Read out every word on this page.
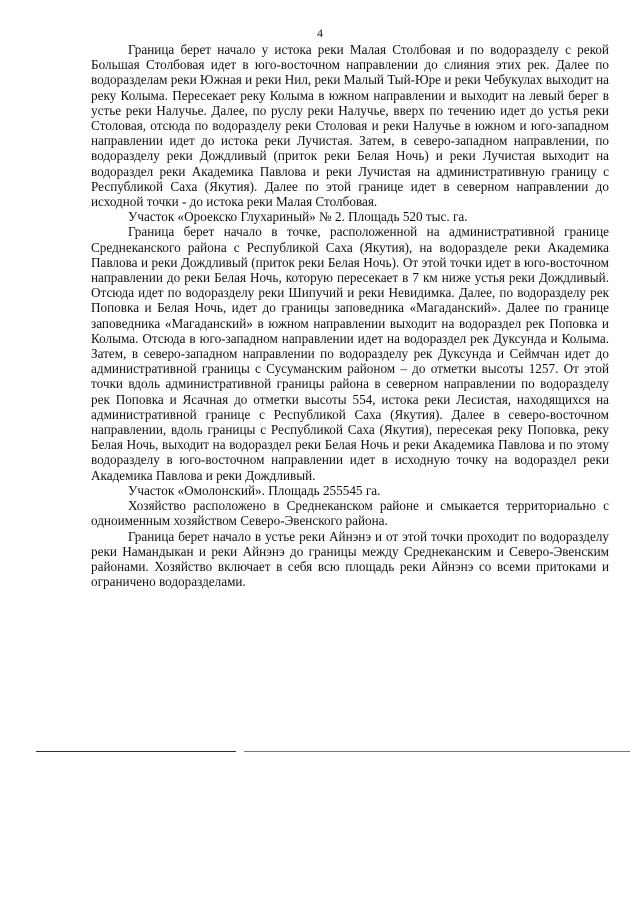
4

Граница берет начало у истока реки Малая Столбовая и по водоразделу с рекой Большая Столбовая идет в юго-восточном направлении до слияния этих рек. Далее по водоразделам реки Южная и реки Нил, реки Малый Тый-Юре и реки Чебукулах выходит на реку Колыма. Пересекает реку Колыма в южном направлении и выходит на левый берег в устье реки Налучье. Далее, по руслу реки Налучье, вверх по течению идет до устья реки Столовая, отсюда по водоразделу реки Столовая и реки Налучье в южном и юго-западном направлении идет до истока реки Лучистая. Затем, в северо-западном направлении, по водоразделу реки Дождливый (приток реки Белая Ночь) и реки Лучистая выходит на водораздел реки Академика Павлова и реки Лучистая на административную границу с Республикой Саха (Якутия). Далее по этой границе идет в северном направлении до исходной точки - до истока реки Малая Столбовая.

Участок «Ороекско Глухариный» № 2. Площадь 520 тыс. га.

Граница берет начало в точке, расположенной на административной границе Среднеканского района с Республикой Саха (Якутия), на водоразделе реки Академика Павлова и реки Дождливый (приток реки Белая Ночь). От этой точки идет в юго-восточном направлении до реки Белая Ночь, которую пересекает в 7 км ниже устья реки Дождливый. Отсюда идет по водоразделу реки Шипучий и реки Невидимка. Далее, по водоразделу рек Поповка и Белая Ночь, идет до границы заповедника «Магаданский». Далее по границе заповедника «Магаданский» в южном направлении выходит на водораздел рек Поповка и Колыма. Отсюда в юго-западном направлении идет на водораздел рек Дуксунда и Колыма. Затем, в северо-западном направлении по водоразделу рек Дуксунда и Сеймчан идет до административной границы с Сусуманским районом – до отметки высоты 1257. От этой точки вдоль административной границы района в северном направлении по водоразделу рек Поповка и Ясачная до отметки высоты 554, истока реки Лесистая, находящихся на административной границе с Республикой Саха (Якутия). Далее в северо-восточном направлении, вдоль границы с Республикой Саха (Якутия), пересекая реку Поповка, реку Белая Ночь, выходит на водораздел реки Белая Ночь и реки Академика Павлова и по этому водоразделу в юго-восточном направлении идет в исходную точку на водораздел реки Академика Павлова и реки Дождливый.

Участок «Омолонский». Площадь 255545 га.

Хозяйство расположено в Среднеканском районе и смыкается территориально с одноименным хозяйством Северо-Эвенского района.

Граница берет начало в устье реки Айнэнэ и от этой точки проходит по водоразделу реки Намандыкан и реки Айнэнэ до границы между Среднеканским и Северо-Эвенским районами. Хозяйство включает в себя всю площадь реки Айнэнэ со всеми притоками и ограничено водоразделами.
